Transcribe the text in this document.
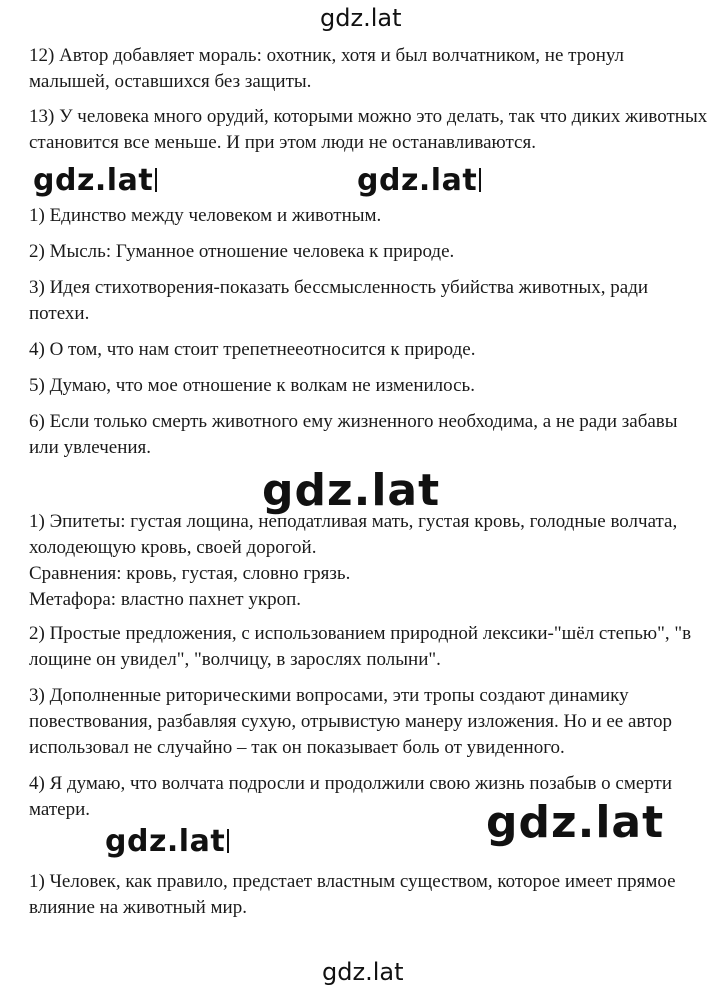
gdz.lat
gdz.lat	gdz.lat
gdz.lat
gdz.lat	gdz.lat
gdz.lat

12) Автор добавляет мораль: охотник, хотя и был волчатником, не тронул малышей, оставшихся без защиты.

13) У человека много орудий, которыми можно это делать, так что диких животных становится все меньше. И при этом люди не останавливаются.

1) Единство между человеком и животным.

2) Мысль: Гуманное отношение человека к природе.

3) Идея стихотворения-показать бессмысленность убийства животных, ради потехи.

4) О том, что нам стоит трепетнееотносится к природе.

5) Думаю, что мое отношение к волкам не изменилось.

6) Если только смерть животного ему жизненного необходима, а не ради забавы или увлечения.

1) Эпитеты: густая лощина, неподатливая мать, густая кровь, голодные волчата, холодеющую кровь, своей дорогой.

Сравнения: кровь, густая, словно грязь.

Метафора: властно пахнет укроп.

2) Простые предложения, с использованием природной лексики-"шёл степью", "в лощине он увидел", "волчицу, в зарослях полыни".

3) Дополненные риторическими вопросами, эти тропы создают динамику повествования, разбавляя сухую, отрывистую манеру изложения. Но и ее автор использовал не случайно – так он показывает боль от увиденного.

4) Я думаю, что волчата подросли и продолжили свою жизнь позабыв о смерти матери.

1) Человек, как правило, предстает властным существом, которое имеет прямое влияние на животный мир.
